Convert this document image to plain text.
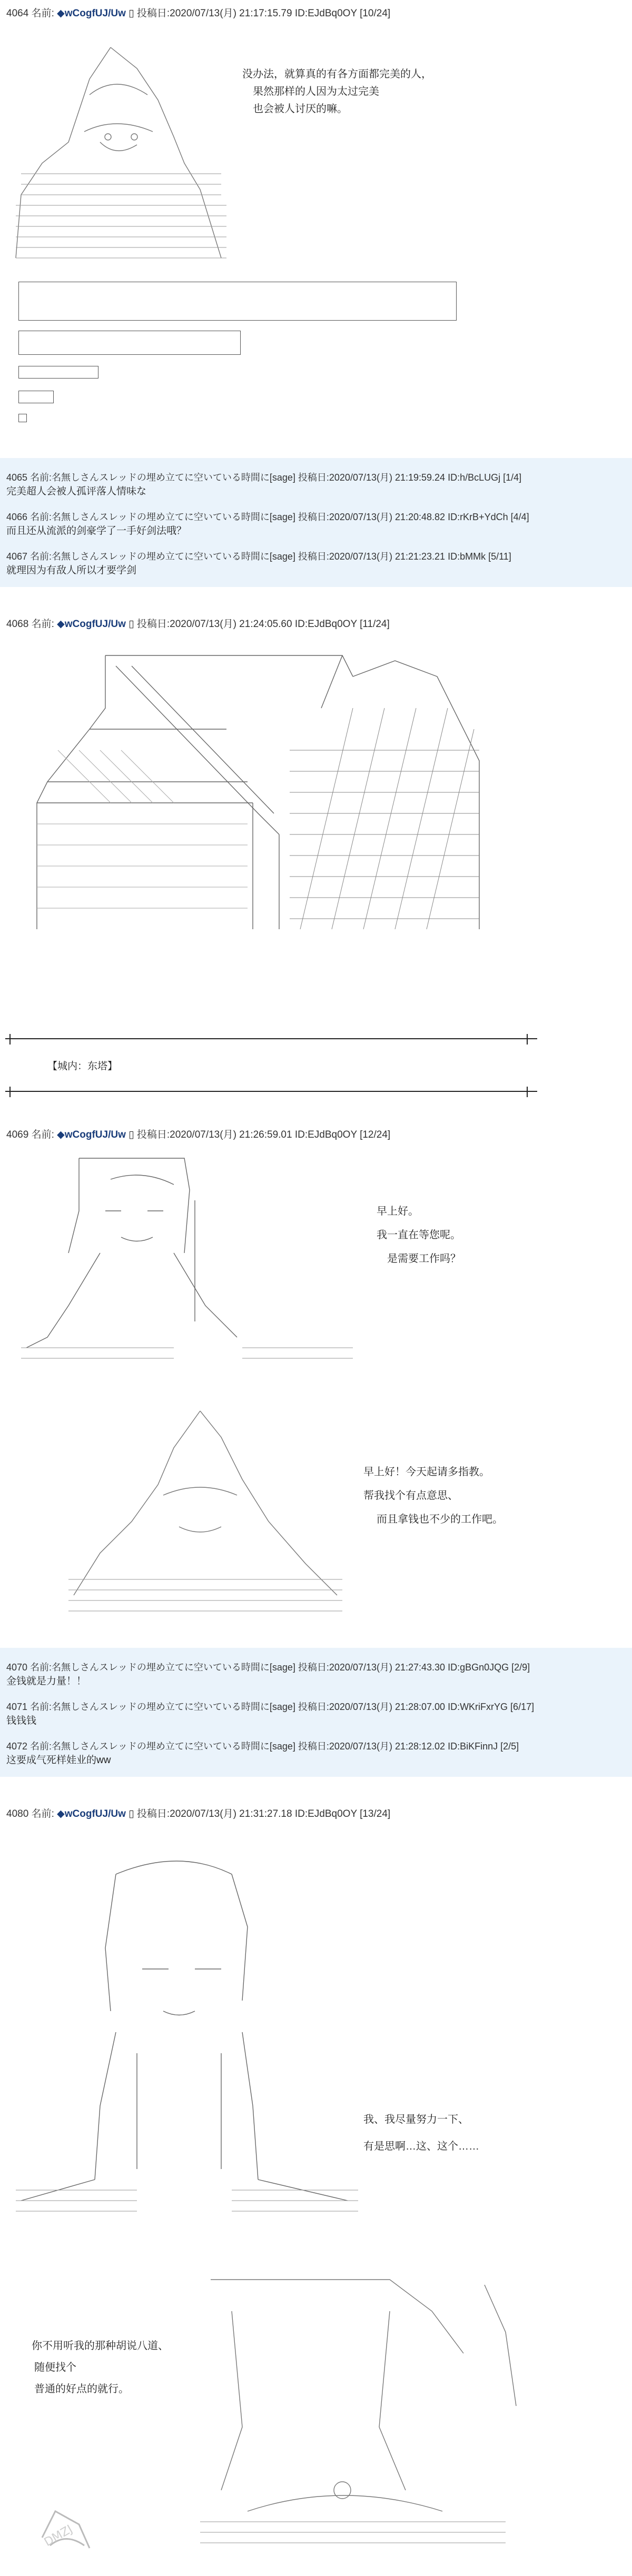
4064 名前: ◆wCogfUJ/Uw ▯ 投稿日:2020/07/13(月) 21:17:15.79 ID:EJdBq0OY [10/24]
没办法，就算真的有各方面都完美的人，
果然那样的人因为太过完美
也会被人讨厌的嘛。
4065 名前:名無しさんスレッドの埋め立てに空いている時間に[sage] 投稿日:2020/07/13(月) 21:19:59.24 ID:h/BcLUGj [1/4]
完美超人会被人孤评落人情味な
4066 名前:名無しさんスレッドの埋め立てに空いている時間に[sage] 投稿日:2020/07/13(月) 21:20:48.82 ID:rKrB+YdCh [4/4]
而且还从流派的剑豪学了一手好剑法哦？
4067 名前:名無しさんスレッドの埋め立てに空いている時間に[sage] 投稿日:2020/07/13(月) 21:21:23.21 ID:bMMk [5/11]
就理因为有敌人所以才要学剑
4068 名前: ◆wCogfUJ/Uw ▯ 投稿日:2020/07/13(月) 21:24:05.60 ID:EJdBq0OY [11/24]
【城内：东塔】
4069 名前: ◆wCogfUJ/Uw ▯ 投稿日:2020/07/13(月) 21:26:59.01 ID:EJdBq0OY [12/24]
早上好。
我一直在等您呢。
是需要工作吗？
早上好！今天起请多指教。
帮我找个有点意思、
而且拿钱也不少的工作吧。
4070 名前:名無しさんスレッドの埋め立てに空いている時間に[sage] 投稿日:2020/07/13(月) 21:27:43.30 ID:gBGn0JQG [2/9]
金钱就是力量！！
4071 名前:名無しさんスレッドの埋め立てに空いている時間に[sage] 投稿日:2020/07/13(月) 21:28:07.00 ID:WKriFxrYG [6/17]
钱钱钱
4072 名前:名無しさんスレッドの埋め立てに空いている時間に[sage] 投稿日:2020/07/13(月) 21:28:12.02 ID:BiKFinnJ [2/5]
这要成气死样娃业的ww
4080 名前: ◆wCogfUJ/Uw ▯ 投稿日:2020/07/13(月) 21:31:27.18 ID:EJdBq0OY [13/24]
我、我尽量努力一下、
有是思啊…这、这个……
你不用听我的那种胡说八道、
随便找个
普通的好点的就行。
DMZJ
